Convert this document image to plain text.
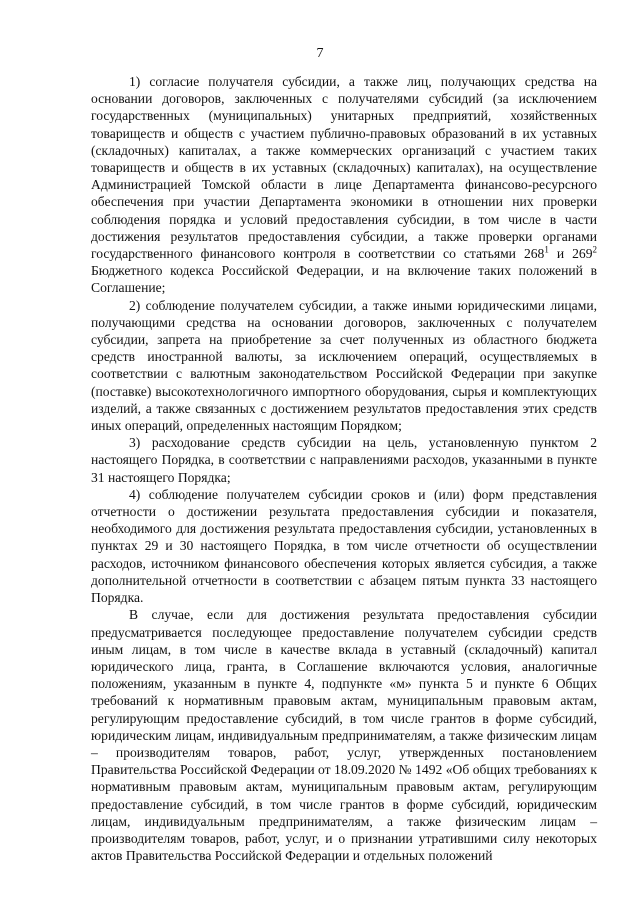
7

1) согласие получателя субсидии, а также лиц, получающих средства на основании договоров, заключенных с получателями субсидий (за исключением государственных (муниципальных) унитарных предприятий, хозяйственных товариществ и обществ с участием публично-правовых образований в их уставных (складочных) капиталах, а также коммерческих организаций с участием таких товариществ и обществ в их уставных (складочных) капиталах), на осуществление Администрацией Томской области в лице Департамента финансово-ресурсного обеспечения при участии Департамента экономики в отношении них проверки соблюдения порядка и условий предоставления субсидии, в том числе в части достижения результатов предоставления субсидии, а также проверки органами государственного финансового контроля в соответствии со статьями $268^1$ и $269^2$ Бюджетного кодекса Российской Федерации, и на включение таких положений в Соглашение;

2) соблюдение получателем субсидии, а также иными юридическими лицами, получающими средства на основании договоров, заключенных с получателем субсидии, запрета на приобретение за счет полученных из областного бюджета средств иностранной валюты, за исключением операций, осуществляемых в соответствии с валютным законодательством Российской Федерации при закупке (поставке) высокотехнологичного импортного оборудования, сырья и комплектующих изделий, а также связанных с достижением результатов предоставления этих средств иных операций, определенных настоящим Порядком;

3) расходование средств субсидии на цель, установленную пунктом 2 настоящего Порядка, в соответствии с направлениями расходов, указанными в пункте 31 настоящего Порядка;

4) соблюдение получателем субсидии сроков и (или) форм представления отчетности о достижении результата предоставления субсидии и показателя, необходимого для достижения результата предоставления субсидии, установленных в пунктах 29 и 30 настоящего Порядка, в том числе отчетности об осуществлении расходов, источником финансового обеспечения которых является субсидия, а также дополнительной отчетности в соответствии с абзацем пятым пункта 33 настоящего Порядка.

В случае, если для достижения результата предоставления субсидии предусматривается последующее предоставление получателем субсидии средств иным лицам, в том числе в качестве вклада в уставный (складочный) капитал юридического лица, гранта, в Соглашение включаются условия, аналогичные положениям, указанным в пункте 4, подпункте «м» пункта 5 и пункте 6 Общих требований к нормативным правовым актам, муниципальным правовым актам, регулирующим предоставление субсидий, в том числе грантов в форме субсидий, юридическим лицам, индивидуальным предпринимателям, а также физическим лицам – производителям товаров, работ, услуг, утвержденных постановлением Правительства Российской Федерации от 18.09.2020 № 1492 «Об общих требованиях к нормативным правовым актам, муниципальным правовым актам, регулирующим предоставление субсидий, в том числе грантов в форме субсидий, юридическим лицам, индивидуальным предпринимателям, а также физическим лицам – производителям товаров, работ, услуг, и о признании утратившими силу некоторых актов Правительства Российской Федерации и отдельных положений
